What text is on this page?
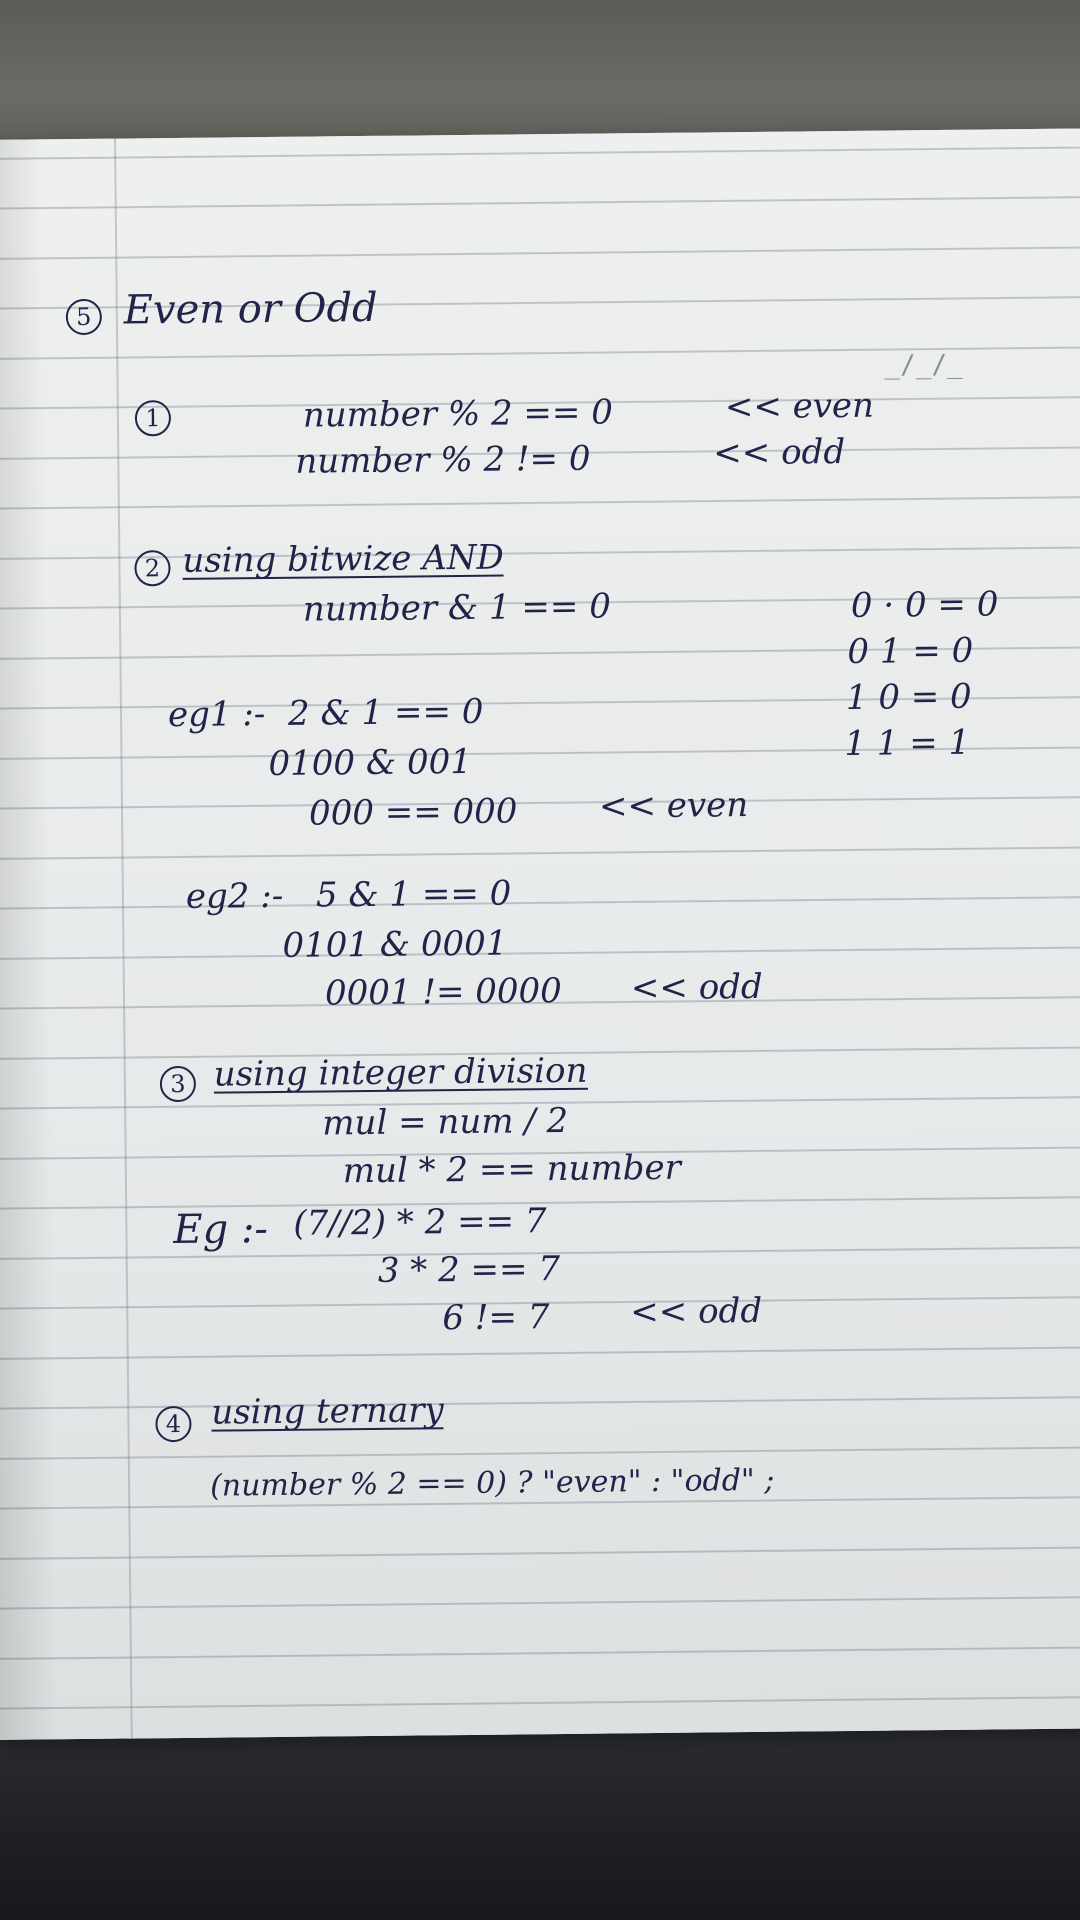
_/_/_
5 Even or Odd
1	number % 2 == 0	<< even
number % 2 != 0	<< odd
2 using bitwize AND
number & 1 == 0	0 · 0 = 0
0 1 = 0
1 0 = 0
1 1 = 1
eg1 :- 2 & 1 == 0
0100 & 001
000 == 000 << even
eg2 :- 5 & 1 == 0
0101 & 0001
0001 != 0000 << odd
3 using integer division
mul = num / 2
mul * 2 == number
Eg :- (7//2) * 2 == 7
3 * 2 == 7
6 != 7 << odd
4 using ternary
(number % 2 == 0) ? "even" : "odd" ;
